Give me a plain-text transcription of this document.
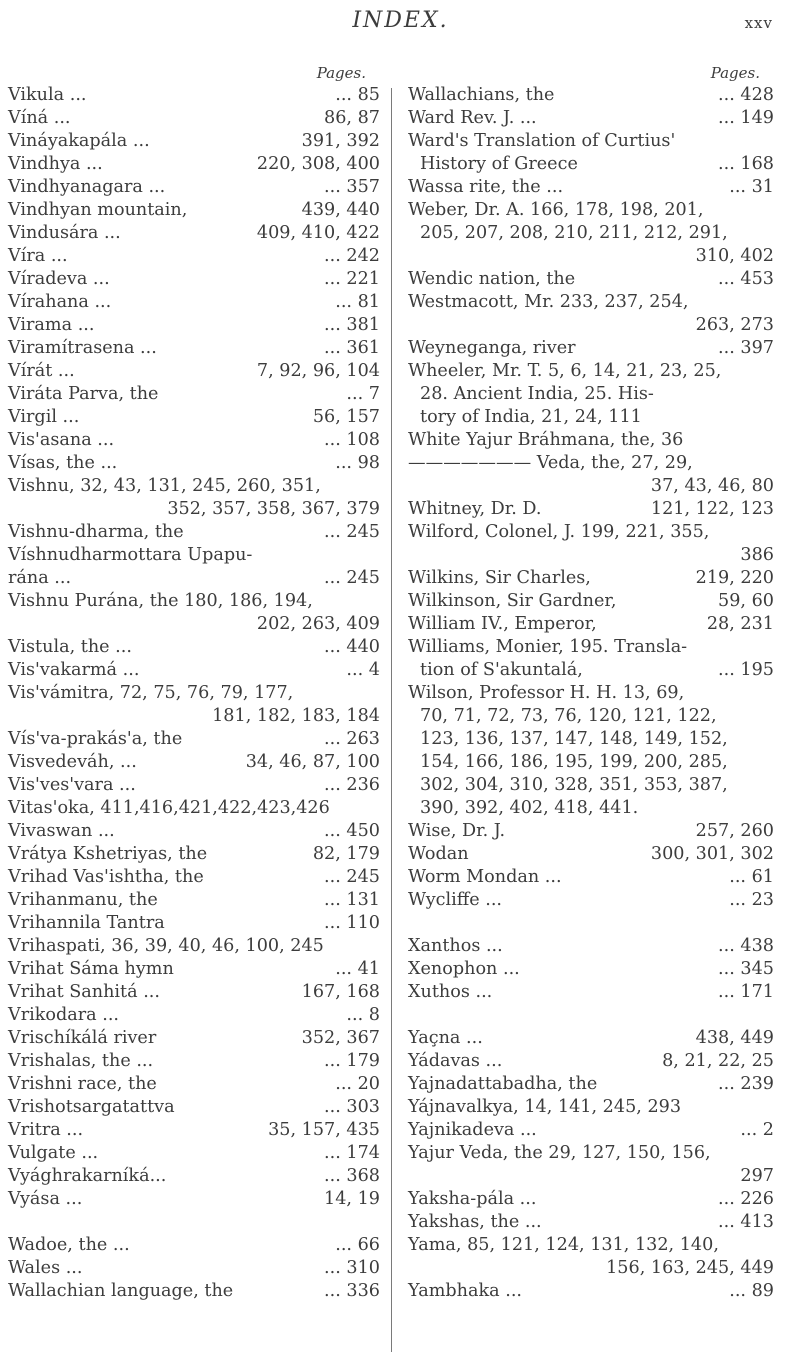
INDEX.	xxv
Pages.
... 85
Vikula ...
86, 87
Víná ...
391, 392
Vináyakapála ...
220, 308, 400
Vindhya ...
... 357
Vindhyanagara ...
439, 440
Vindhyan mountain,
409, 410, 422
Vindusára ...
... 242
Víra ...
... 221
Víradeva ...
... 81
Vírahana ...
... 381
Virama ...
... 361
Viramítrasena ...
7, 92, 96, 104
Vírát ...
... 7
Viráta Parva, the
56, 157
Virgil ...
... 108
Vis'asana ...
... 98
Vísas, the ...
Vishnu, 32, 43, 131, 245, 260, 351,
352, 357, 358, 367, 379
... 245
Vishnu-dharma, the
Víshnudharmottara Upapu-
... 245
rána ...
Vishnu Purána, the 180, 186, 194,
202, 263, 409
... 440
Vistula, the ...
... 4
Vis'vakarmá ...
Vis'vámitra, 72, 75, 76, 79, 177,
181, 182, 183, 184
... 263
Vís'va-prakás'a, the
34, 46, 87, 100
Visvedeváh, ...
... 236
Vis'ves'vara ...
Vitas'oka, 411,416,421,422,423,426
... 450
Vivaswan ...
82, 179
Vrátya Kshetriyas, the
... 245
Vrihad Vas'ishtha, the
... 131
Vrihanmanu, the
... 110
Vrihannila Tantra
Vrihaspati, 36, 39, 40, 46, 100, 245
... 41
Vrihat Sáma hymn
167, 168
Vrihat Sanhitá ...
... 8
Vrikodara ...
352, 367
Vrischíkálá river
... 179
Vrishalas, the ...
... 20
Vrishni race, the
... 303
Vrishotsargatattva
35, 157, 435
Vritra ...
... 174
Vulgate ...
... 368
Vyághrakarníká...
14, 19
Vyása ...
... 66
Wadoe, the ...
... 310
Wales ...
... 336
Wallachian language, the
Pages.
... 428
Wallachians, the
... 149
Ward Rev. J. ...
Ward's Translation of Curtius'
... 168
History of Greece
... 31
Wassa rite, the ...
Weber, Dr. A. 166, 178, 198, 201,
205, 207, 208, 210, 211, 212, 291,
310, 402
... 453
Wendic nation, the
Westmacott, Mr. 233, 237, 254,
263, 273
... 397
Weyneganga, river
Wheeler, Mr. T. 5, 6, 14, 21, 23, 25,
28. Ancient India, 25. His-
tory of India, 21, 24, 111
White Yajur Bráhmana, the, 36
——————— Veda, the, 27, 29,
37, 43, 46, 80
121, 122, 123
Whitney, Dr. D.
Wilford, Colonel, J. 199, 221, 355,
386
219, 220
Wilkins, Sir Charles,
59, 60
Wilkinson, Sir Gardner,
28, 231
William IV., Emperor,
Williams, Monier, 195. Transla-
... 195
tion of S'akuntalá,
Wilson, Professor H. H. 13, 69,
70, 71, 72, 73, 76, 120, 121, 122,
123, 136, 137, 147, 148, 149, 152,
154, 166, 186, 195, 199, 200, 285,
302, 304, 310, 328, 351, 353, 387,
390, 392, 402, 418, 441.
257, 260
Wise, Dr. J.
300, 301, 302
Wodan
... 61
Worm Mondan ...
... 23
Wycliffe ...
... 438
Xanthos ...
... 345
Xenophon ...
... 171
Xuthos ...
438, 449
Yaçna ...
8, 21, 22, 25
Yádavas ...
... 239
Yajnadattabadha, the
Yájnavalkya, 14, 141, 245, 293
... 2
Yajnikadeva ...
Yajur Veda, the 29, 127, 150, 156,
297
... 226
Yaksha-pála ...
... 413
Yakshas, the ...
Yama, 85, 121, 124, 131, 132, 140,
156, 163, 245, 449
... 89
Yambhaka ...
